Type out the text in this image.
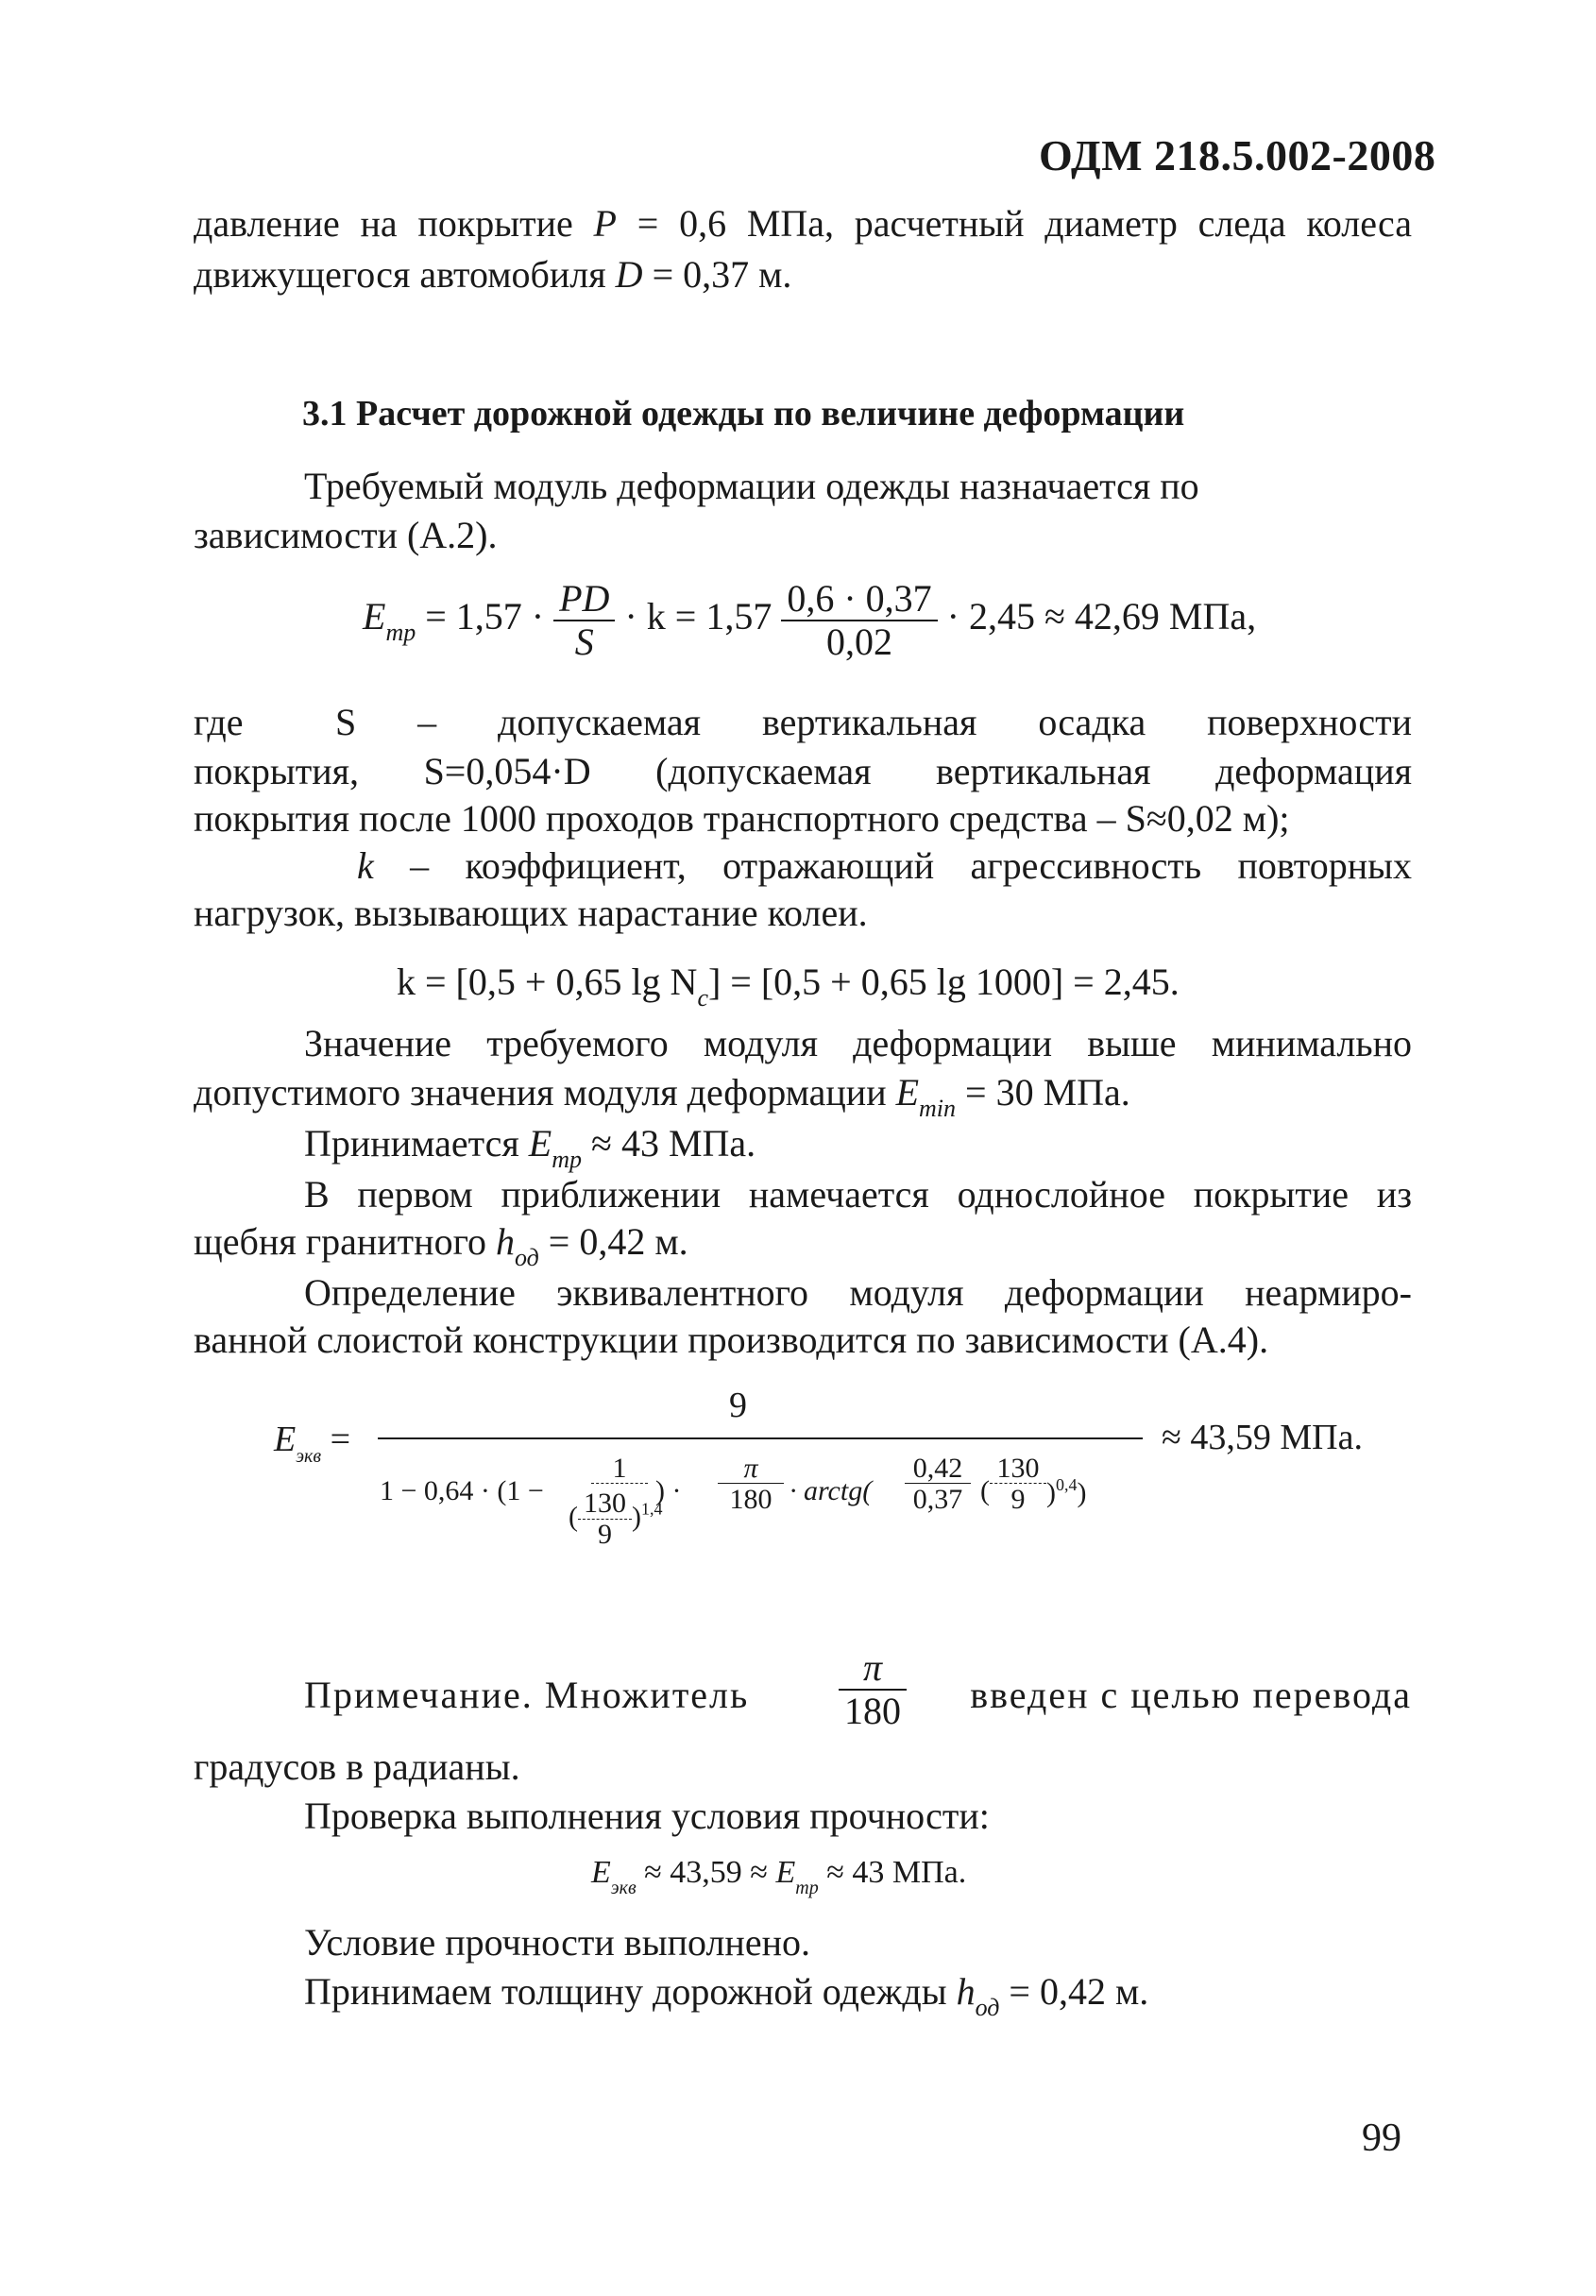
ОДМ 218.5.002-2008
давление на покрытие P = 0,6 МПа, расчетный диаметр следа колеса
движущегося автомобиля D = 0,37 м.
3.1 Расчет дорожной одежды по величине деформации
Требуемый модуль деформации одежды назначается по
зависимости (А.2).
$E_{тр} = 1,57 \cdot \frac{PD}{S} \cdot k = 1,57 \frac{0,6 \cdot 0,37}{0,02} \cdot 2,45 \approx 42,69$ МПа,
где S – допускаемая вертикальная осадка поверхности
покрытия, S=0,054·D (допускаемая вертикальная деформация
покрытия после 1000 проходов транспортного средства – S≈0,02 м);
k – коэффициент, отражающий агрессивность повторных
нагрузок, вызывающих нарастание колеи.
k = [0,5 + 0,65 $\lg N_c] = [0,5 + 0,65$ lg 1000] = 2,45.
Значение требуемого модуля деформации выше минимально
допустимого значения модуля деформации $E_{min} = 30$ МПа.
Принимается $E_{тр} \approx 43$ МПа.
В первом приближении намечается однослойное покрытие из
щебня гранитного $h_{од} = 0,42$ м.
Определение эквивалентного модуля деформации неармиро-
ванной слоистой конструкции производится по зависимости (А.4).
$E_{экв}$ =
9
≈ 43,59 МПа.
1 − 0,64 · (1 −
1
( $\frac{130}{9} )^{1,4}$
) ·
π
180 · arctg(
0,42
0,37 (
130
9 )$^{0,4}$)
Примечание. Множитель $\frac{\pi}{180}$ введен с целью перевода
градусов в радианы.
Проверка выполнения условия прочности:
$E_{экв} \approx 43,59 \approx E_{тр} \approx 43$ МПа.
Условие прочности выполнено.
Принимаем толщину дорожной одежды $h_{од} = 0,42$ м.
99
